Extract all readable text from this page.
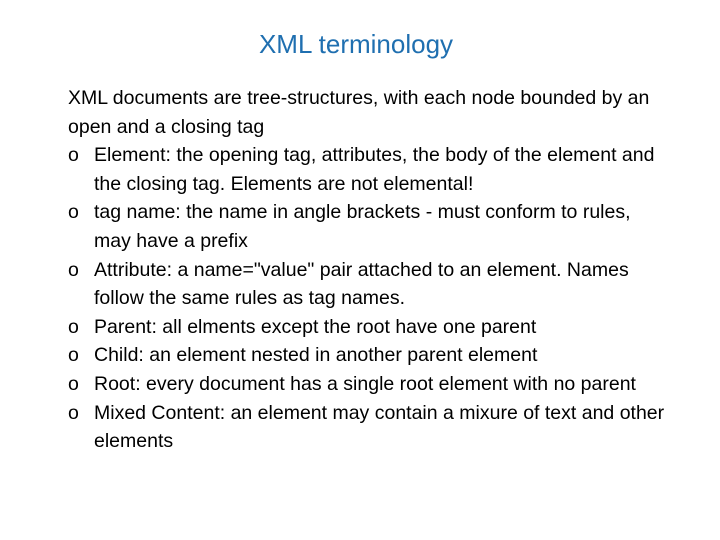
XML terminology

XML documents are tree-structures, with each node bounded by an open and a closing tag

o Element: the opening tag, attributes, the body of the element and the closing tag. Elements are not elemental!
o tag name: the name in angle brackets - must conform to rules, may have a prefix
o Attribute: a name="value" pair attached to an element. Names follow the same rules as tag names.
o Parent: all elments except the root have one parent
o Child: an element nested in another parent element
o Root: every document has a single root element with no parent
o Mixed Content: an element may contain a mixure of text and other elements
